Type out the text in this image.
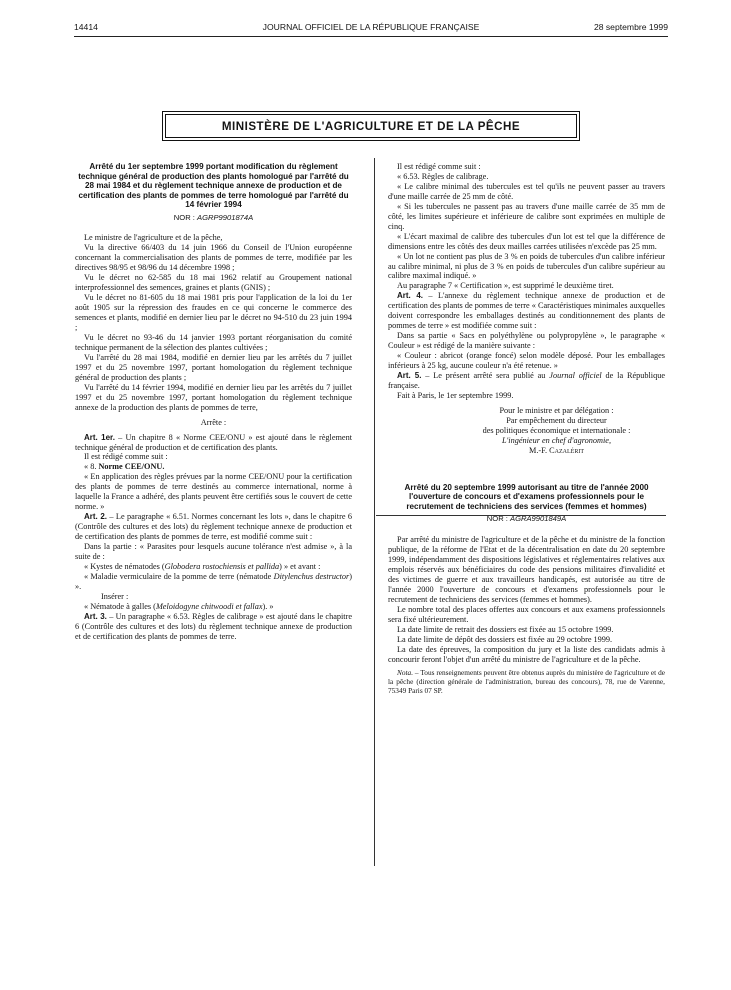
JOURNAL OFFICIEL DE LA RÉPUBLIQUE FRANÇAISE
14414	28 septembre 1999
MINISTÈRE DE L'AGRICULTURE ET DE LA PÊCHE

Arrêté du 1er septembre 1999 portant modification du règlement technique général de production des plants homologué par l'arrêté du 28 mai 1984 et du règlement technique annexe de production et de certification des plants de pommes de terre homologué par l'arrêté du 14 février 1994

NOR : AGRP9901874A

Le ministre de l'agriculture et de la pêche,

Vu la directive 66/403 du 14 juin 1966 du Conseil de l'Union européenne concernant la commercialisation des plants de pommes de terre, modifiée par les directives 98/95 et 98/96 du 14 décembre 1998 ;

Vu le décret no 62-585 du 18 mai 1962 relatif au Groupement national interprofessionnel des semences, graines et plants (GNIS) ;

Vu le décret no 81-605 du 18 mai 1981 pris pour l'application de la loi du 1er août 1905 sur la répression des fraudes en ce qui concerne le commerce des semences et plants, modifié en dernier lieu par le décret no 94-510 du 23 juin 1994 ;

Vu le décret no 93-46 du 14 janvier 1993 portant réorganisation du comité technique permanent de la sélection des plantes cultivées ;

Vu l'arrêté du 28 mai 1984, modifié en dernier lieu par les arrêtés du 7 juillet 1997 et du 25 novembre 1997, portant homologation du règlement technique général de production des plants ;

Vu l'arrêté du 14 février 1994, modifié en dernier lieu par les arrêtés du 7 juillet 1997 et du 25 novembre 1997, portant homologation du règlement technique annexe de la production des plants de pommes de terre,

Arrête :

Art. 1er. – Un chapitre 8 « Norme CEE/ONU » est ajouté dans le règlement technique général de production et de certification des plants.

Il est rédigé comme suit :

« 8. Norme CEE/ONU.

« En application des règles prévues par la norme CEE/ONU pour la certification des plants de pommes de terre destinés au commerce international, norme à laquelle la France a adhéré, des plants peuvent être certifiés sous le couvert de cette norme. »

Art. 2. – Le paragraphe « 6.51. Normes concernant les lots », dans le chapitre 6 (Contrôle des cultures et des lots) du règlement technique annexe de production et de certification des plants de pommes de terre, est modifié comme suit :

Dans la partie : « Parasites pour lesquels aucune tolérance n'est admise », à la suite de :

« Kystes de nématodes (Globodera rostochiensis et pallida) » et avant :

« Maladie vermiculaire de la pomme de terre (nématode Ditylenchus destructor) ».

Insérer :

« Nématode à galles (Meloidogyne chitwoodi et fallax). »

Art. 3. – Un paragraphe « 6.53. Règles de calibrage » est ajouté dans le chapitre 6 (Contrôle des cultures et des lots) du règlement technique annexe de production et de certification des plants de pommes de terre.

Il est rédigé comme suit :

« 6.53. Règles de calibrage.

« Le calibre minimal des tubercules est tel qu'ils ne peuvent passer au travers d'une maille carrée de 25 mm de côté.

« Si les tubercules ne passent pas au travers d'une maille carrée de 35 mm de côté, les limites supérieure et inférieure de calibre sont exprimées en multiple de cinq.

« L'écart maximal de calibre des tubercules d'un lot est tel que la différence de dimensions entre les côtés des deux mailles carrées utilisées n'excède pas 25 mm.

« Un lot ne contient pas plus de 3 % en poids de tubercules d'un calibre inférieur au calibre minimal, ni plus de 3 % en poids de tubercules d'un calibre supérieur au calibre maximal indiqué. »

Au paragraphe 7 « Certification », est supprimé le deuxième tiret.

Art. 4. – L'annexe du règlement technique annexe de production et de certification des plants de pommes de terre « Caractéristiques minimales auxquelles doivent correspondre les emballages destinés au conditionnement des plants de pommes de terre » est modifiée comme suit :

Dans sa partie « Sacs en polyéthylène ou polypropylène », le paragraphe « Couleur » est rédigé de la manière suivante :

« Couleur : abricot (orange foncé) selon modèle déposé. Pour les emballages inférieurs à 25 kg, aucune couleur n'a été retenue. »

Art. 5. – Le présent arrêté sera publié au Journal officiel de la République française.

Fait à Paris, le 1er septembre 1999.

Pour le ministre et par délégation :

Par empêchement du directeur

des politiques économique et internationale :

L'ingénieur en chef d'agronomie,

M.-F. Cazalérit

Arrêté du 20 septembre 1999 autorisant au titre de l'année 2000 l'ouverture de concours et d'examens professionnels pour le recrutement de techniciens des services (femmes et hommes)

NOR : AGRA9901849A

Par arrêté du ministre de l'agriculture et de la pêche et du ministre de la fonction publique, de la réforme de l'Etat et de la décentralisation en date du 20 septembre 1999, indépendamment des dispositions législatives et réglementaires relatives aux emplois réservés aux bénéficiaires du code des pensions militaires d'invalidité et des victimes de guerre et aux travailleurs handicapés, est autorisée au titre de l'année 2000 l'ouverture de concours et d'examens professionnels pour le recrutement de techniciens des services (femmes et hommes).

Le nombre total des places offertes aux concours et aux examens professionnels sera fixé ultérieurement.

La date limite de retrait des dossiers est fixée au 15 octobre 1999.

La date limite de dépôt des dossiers est fixée au 29 octobre 1999.

La date des épreuves, la composition du jury et la liste des candidats admis à concourir feront l'objet d'un arrêté du ministre de l'agriculture et de la pêche.

Nota. – Tous renseignements peuvent être obtenus auprès du ministère de l'agriculture et de la pêche (direction générale de l'administration, bureau des concours), 78, rue de Varenne, 75349 Paris 07 SP.
